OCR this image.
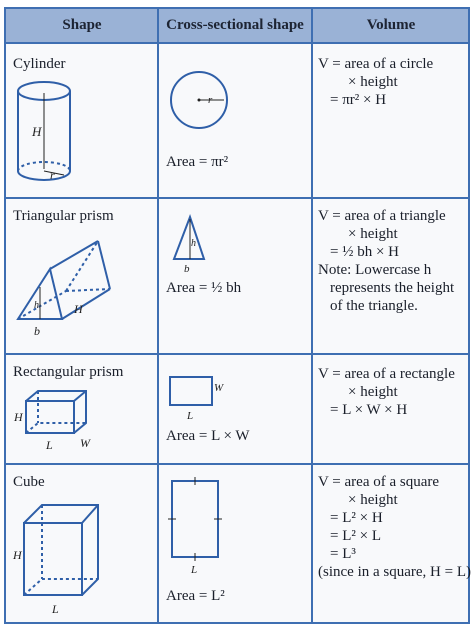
Shape	Cross-sectional shape	Volume
Cylinder
H
r
r
Area = πr²
V = area of a circle
× height
= πr² × H
Triangular prism
H
h
b
h
b
Area = ½ bh
V = area of a triangle
× height
= ½ bh × H
Note: Lowercase h
represents the height
of the triangle.
Rectangular prism
H
L W
W
L
Area = L × W
V = area of a rectangle
× height
= L × W × H
Cube
H
L
L
Area = L²
V = area of a square
× height
= L² × H
= L² × L
= L³
(since in a square, H = L)
